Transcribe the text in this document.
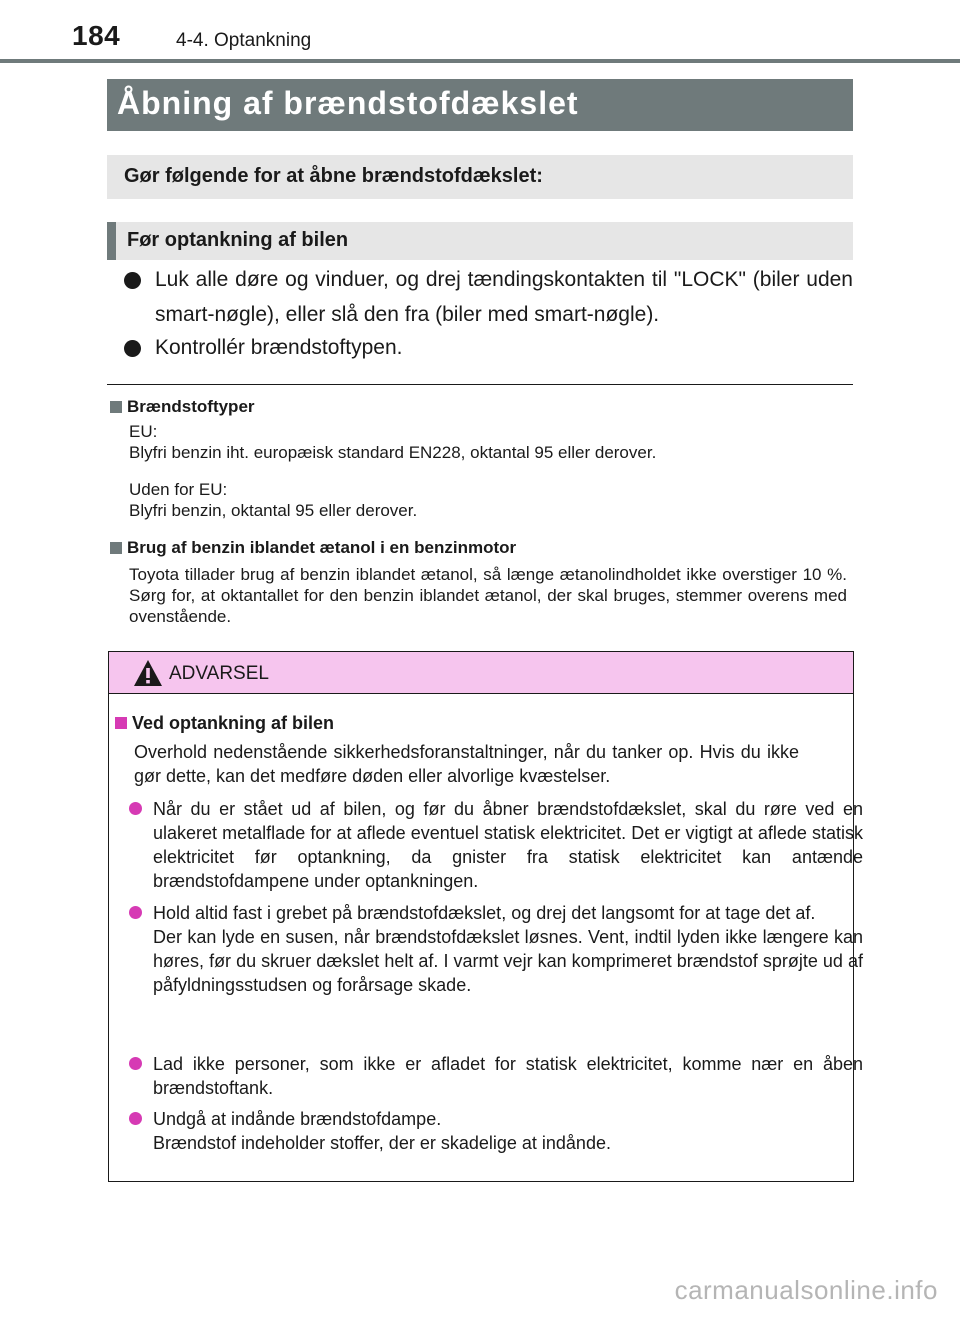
184	4-4. Optankning
Åbning af brændstofdækslet
Gør følgende for at åbne brændstofdækslet:
Før optankning af bilen
Luk alle døre og vinduer, og drej tændingskontakten til "LOCK" (biler uden smart-nøgle), eller slå den fra (biler med smart-nøgle).
Kontrollér brændstoftypen.
Brændstoftyper

EU:
Blyfri benzin iht. europæisk standard EN228, oktantal 95 eller derover.

Uden for EU:
Blyfri benzin, oktantal 95 eller derover.

Brug af benzin iblandet ætanol i en benzinmotor

Toyota tillader brug af benzin iblandet ætanol, så længe ætanolindholdet ikke overstiger 10 %. Sørg for, at oktantallet for den benzin iblandet ætanol, der skal bruges, stemmer overens med ovenstående.

ADVARSEL
Ved optankning af bilen

Overhold nedenstående sikkerhedsforanstaltninger, når du tanker op. Hvis du ikke gør dette, kan det medføre døden eller alvorlige kvæstelser.

Når du er stået ud af bilen, og før du åbner brændstofdækslet, skal du røre ved en ulakeret metalflade for at aflede eventuel statisk elektricitet. Det er vigtigt at aflede statisk elektricitet før optankning, da gnister fra statisk elektricitet kan antænde brændstofdampene under optankningen.

Hold altid fast i grebet på brændstofdækslet, og drej det langsomt for at tage det af.
Der kan lyde en susen, når brændstofdækslet løsnes. Vent, indtil lyden ikke længere kan høres, før du skruer dækslet helt af. I varmt vejr kan komprimeret brændstof sprøjte ud af påfyldningsstudsen og forårsage skade.

Lad ikke personer, som ikke er afladet for statisk elektricitet, komme nær en åben brændstoftank.

Undgå at indånde brændstofdampe.
Brændstof indeholder stoffer, der er skadelige at indånde.

carmanualsonline.info
